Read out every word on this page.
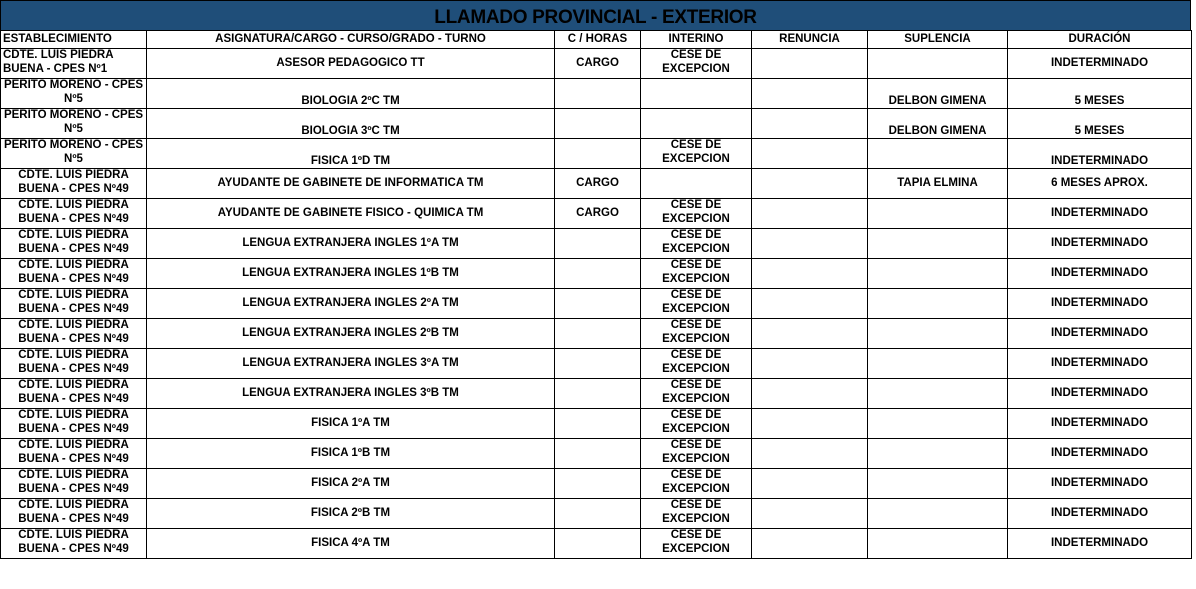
LLAMADO PROVINCIAL - EXTERIOR
ESTABLECIMIENTO	ASIGNATURA/CARGO - CURSO/GRADO - TURNO	C / HORAS	INTERINO	RENUNCIA	SUPLENCIA	DURACIÓN
CDTE. LUIS PIEDRA BUENA - CPES Nº1	ASESOR PEDAGOGICO TT	CARGO	CESE DE EXCEPCION			INDETERMINADO
PERITO MORENO - CPES Nº5	BIOLOGIA 2ºC TM				DELBON GIMENA	5 MESES
PERITO MORENO - CPES Nº5	BIOLOGIA 3ºC TM				DELBON GIMENA	5 MESES
PERITO MORENO - CPES Nº5	FISICA 1ºD TM		CESE DE EXCEPCION			INDETERMINADO
CDTE. LUIS PIEDRA BUENA - CPES Nº49	AYUDANTE DE GABINETE DE INFORMATICA TM	CARGO			TAPIA ELMINA	6 MESES APROX.
CDTE. LUIS PIEDRA BUENA - CPES Nº49	AYUDANTE DE GABINETE FISICO - QUIMICA TM	CARGO	CESE DE EXCEPCION			INDETERMINADO
CDTE. LUIS PIEDRA BUENA - CPES Nº49	LENGUA EXTRANJERA INGLES 1ºA TM		CESE DE EXCEPCION			INDETERMINADO
CDTE. LUIS PIEDRA BUENA - CPES Nº49	LENGUA EXTRANJERA INGLES 1ºB TM		CESE DE EXCEPCION			INDETERMINADO
CDTE. LUIS PIEDRA BUENA - CPES Nº49	LENGUA EXTRANJERA INGLES 2ºA TM		CESE DE EXCEPCION			INDETERMINADO
CDTE. LUIS PIEDRA BUENA - CPES Nº49	LENGUA EXTRANJERA INGLES 2ºB TM		CESE DE EXCEPCION			INDETERMINADO
CDTE. LUIS PIEDRA BUENA - CPES Nº49	LENGUA EXTRANJERA INGLES 3ºA TM		CESE DE EXCEPCION			INDETERMINADO
CDTE. LUIS PIEDRA BUENA - CPES Nº49	LENGUA EXTRANJERA INGLES 3ºB TM		CESE DE EXCEPCION			INDETERMINADO
CDTE. LUIS PIEDRA BUENA - CPES Nº49	FISICA 1ºA TM		CESE DE EXCEPCION			INDETERMINADO
CDTE. LUIS PIEDRA BUENA - CPES Nº49	FISICA 1ºB TM		CESE DE EXCEPCION			INDETERMINADO
CDTE. LUIS PIEDRA BUENA - CPES Nº49	FISICA 2ºA TM		CESE DE EXCEPCION			INDETERMINADO
CDTE. LUIS PIEDRA BUENA - CPES Nº49	FISICA 2ºB TM		CESE DE EXCEPCION			INDETERMINADO
CDTE. LUIS PIEDRA BUENA - CPES Nº49	FISICA 4ºA TM		CESE DE EXCEPCION			INDETERMINADO
